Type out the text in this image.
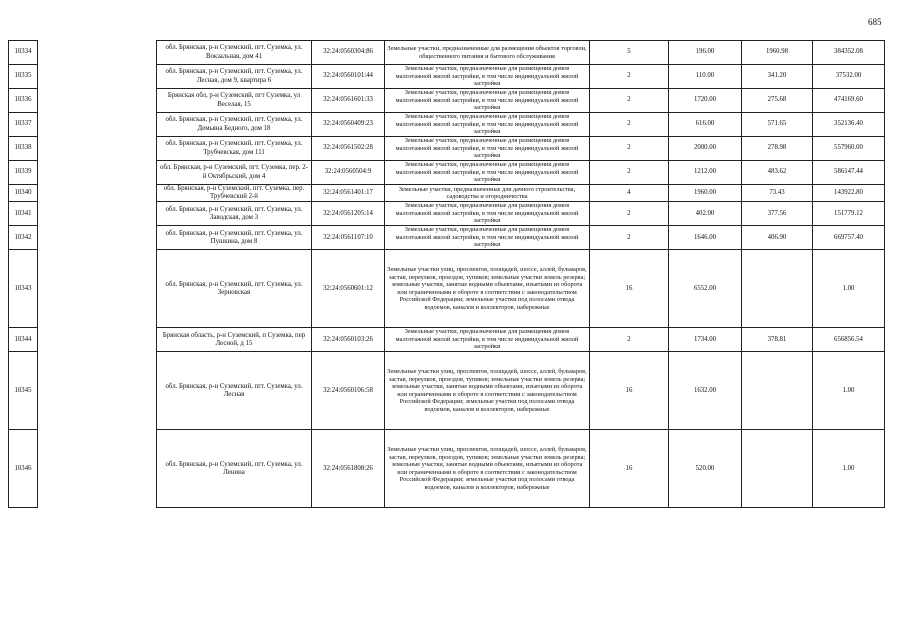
685
10334		обл. Брянская, р-н Суземский, пгт. Суземка, ул. Вокзальная, дом 41	32:24:0560304:86	Земельные участки, предназначенные для размещения объектов торговли, общественного питания и бытового обслуживания	5	196.00	1960.98	384352.08
10335		обл. Брянская, р-н Суземский, пгт. Суземка, ул. Лесная, дом 9, квартира 6	32:24:0560101:44	Земельные участки, предназначенные для размещения домов малоэтажной жилой застройки, в том числе индивидуальной жилой застройки	2	110.00	341.20	37532.00
10336		Брянская обл, р-н Суземский, пгт Суземка, ул Веселая, 15	32:24:0561601:33	Земельные участки, предназначенные для размещения домов малоэтажной жилой застройки, в том числе индивидуальной жилой застройки	2	1720.00	275.68	474169.60
10337		обл. Брянская, р-н Суземский, пгт. Суземка, ул. Демьяна Бедного, дом 18	32:24:0560409:23	Земельные участки, предназначенные для размещения домов малоэтажной жилой застройки, в том числе индивидуальной жилой застройки	2	616.00	571.65	352136.40
10338		обл. Брянская, р-н Суземский, пгт. Суземка, ул. Трубчевская, дом 111	32:24:0561502:28	Земельные участки, предназначенные для размещения домов малоэтажной жилой застройки, в том числе индивидуальной жилой застройки	2	2000.00	278.98	557960.00
10339		обл. Брянская, р-н Суземский, пгт. Суземка, пер. 2-й Октябрьский, дом 4	32:24:0560504:9	Земельные участки, предназначенные для размещения домов малоэтажной жилой застройки, в том числе индивидуальной жилой застройки	2	1212.00	483.62	586147.44
10340		обл. Брянская, р-н Суземский, пгт. Суземка, пер. Трубчевский 2-й	32:24:0561401:17	Земельные участки, предназначенные для дачного строительства, садоводства и огородничества	4	1960.00	73.43	143922.80
10341		обл. Брянская, р-н Суземский, пгт. Суземка, ул. Заводская, дом 3	32:24:0561205:14	Земельные участки, предназначенные для размещения домов малоэтажной жилой застройки, в том числе индивидуальной жилой застройки	2	402.00	377.56	151779.12
10342		обл. Брянская, р-н Суземский, пгт. Суземка, ул. Пушкина, дом 8	32:24:0561107:10	Земельные участки, предназначенные для размещения домов малоэтажной жилой застройки, в том числе индивидуальной жилой застройки	2	1646.00	406.90	669757.40
10343		обл. Брянская, р-н Суземский, пгт. Суземка, ул. Зерновская	32:24:0560601:12	Земельные участки улиц, проспектов, площадей, шоссе, аллей, бульваров, застав, переулков, проездов, тупиков; земельные участки земель резерва; земельные участки, занятые водными объектами, изъятыми из оборота или ограниченными в обороте в соответствии с законодательством Российской Федерации; земельные участки под полосами отвода водоемов, каналов и коллекторов, набережные	16	6552.00		1.00
10344		Брянская область, р-н Суземский, п Суземка, пер Лесной, д 15	32:24:0560103:26	Земельные участки, предназначенные для размещения домов малоэтажной жилой застройки, в том числе индивидуальной жилой застройки	2	1734.00	378.81	656856.54
10345		обл. Брянская, р-н Суземский, пгт. Суземка, ул. Лесная	32:24:0560106:58	Земельные участки улиц, проспектов, площадей, шоссе, аллей, бульваров, застав, переулков, проездов, тупиков; земельные участки земель резерва; земельные участки, занятые водными объектами, изъятыми из оборота или ограниченными в обороте в соответствии с законодательством Российской Федерации; земельные участки под полосами отвода водоемов, каналов и коллекторов, набережные	16	1632.00		1.00
10346		обл. Брянская, р-н Суземский, пгт. Суземка, ул. Ленина	32:24:0561808:26	Земельные участки улиц, проспектов, площадей, шоссе, аллей, бульваров, застав, переулков, проездов, тупиков; земельные участки земель резерва; земельные участки, занятые водными объектами, изъятыми из оборота или ограниченными в обороте в соответствии с законодательством Российской Федерации; земельные участки под полосами отвода водоемов, каналов и коллекторов, набережные	16	520.00		1.00
